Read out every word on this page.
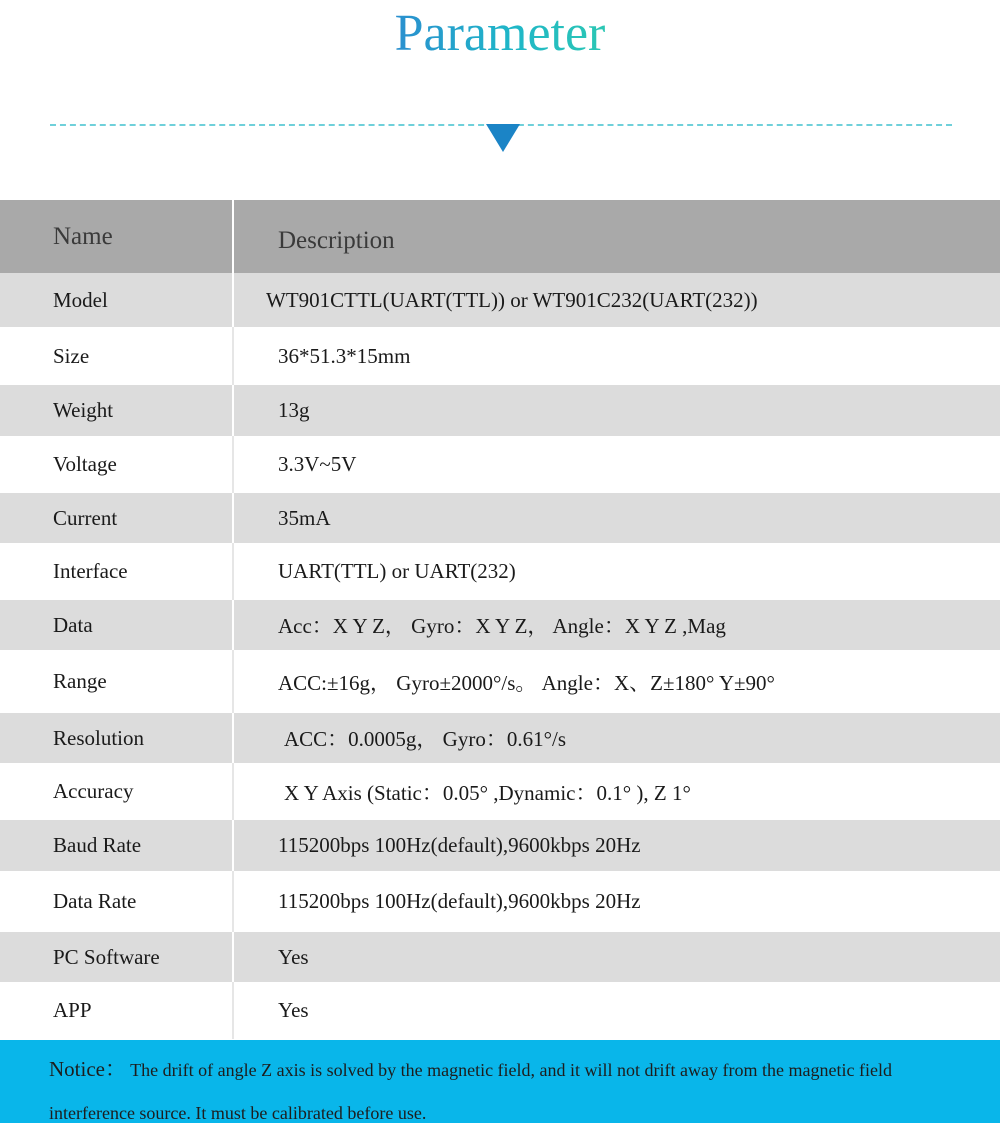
Parameter
Name	Description
Model	WT901CTTL(UART(TTL)) or WT901C232(UART(232))
Size	36*51.3*15mm
Weight	13g
Voltage	3.3V~5V
Current	35mA
Interface	UART(TTL) or UART(232)
Data	Acc：X Y Z， Gyro：X Y Z， Angle：X Y Z ,Mag
Range	ACC:±16g， Gyro±2000°/s。 Angle：X、Z±180° Y±90°
Resolution	ACC：0.0005g， Gyro：0.61°/s
Accuracy	X Y Axis (Static：0.05° ,Dynamic：0.1° ), Z 1°
Baud Rate	115200bps 100Hz(default),9600kbps 20Hz
Data Rate	115200bps 100Hz(default),9600kbps 20Hz
PC Software	Yes
APP	Yes
Notice： The drift of angle Z axis is solved by the magnetic field, and it will not drift away from the magnetic field interference source. It must be calibrated before use.
